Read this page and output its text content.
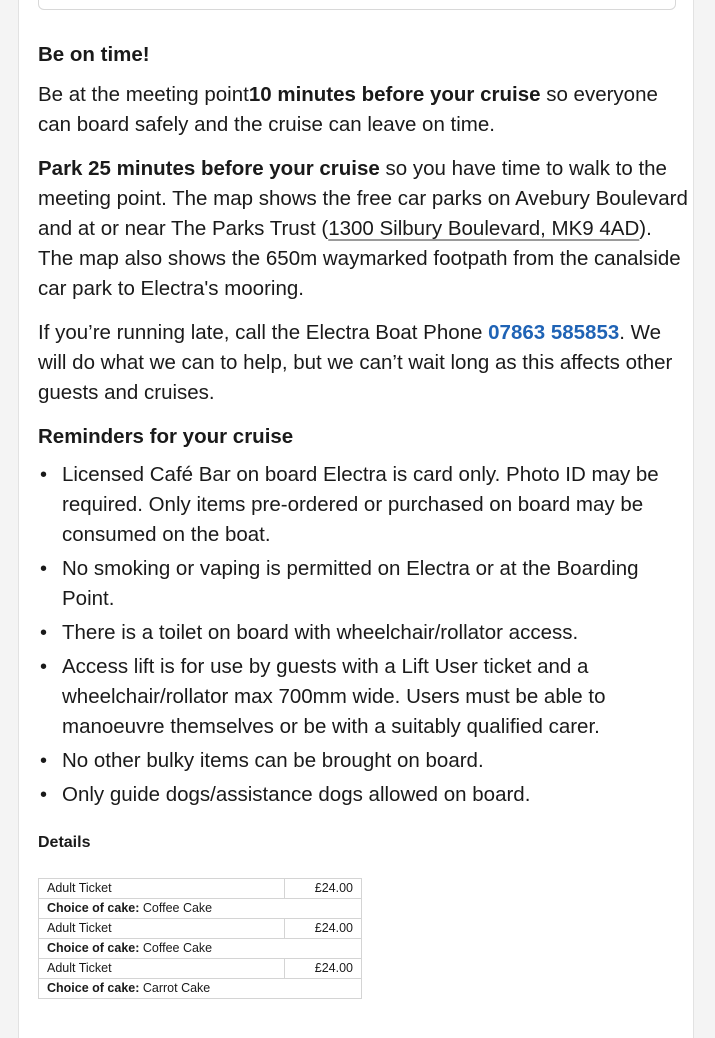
Be on time!

Be at the meeting point10 minutes before your cruise so everyone can board safely and the cruise can leave on time.

Park 25 minutes before your cruise so you have time to walk to the meeting point. The map shows the free car parks on Avebury Boulevard and at or near The Parks Trust (1300 Silbury Boulevard, MK9 4AD). The map also shows the 650m waymarked footpath from the canalside car park to Electra's mooring.

If you’re running late, call the Electra Boat Phone 07863 585853. We will do what we can to help, but we can’t wait long as this affects other guests and cruises.

Reminders for your cruise
• Licensed Café Bar on board Electra is card only. Photo ID may be required. Only items pre-ordered or purchased on board may be consumed on the boat.
• No smoking or vaping is permitted on Electra or at the Boarding Point.
• There is a toilet on board with wheelchair/rollator access.
• Access lift is for use by guests with a Lift User ticket and a wheelchair/rollator max 700mm wide. Users must be able to manoeuvre themselves or be with a suitably qualified carer.
• No other bulky items can be brought on board.
• Only guide dogs/assistance dogs allowed on board.
Details
Adult Ticket	£24.00
Choice of cake: Coffee Cake	
Adult Ticket	£24.00
Choice of cake: Coffee Cake	
Adult Ticket	£24.00
Choice of cake: Carrot Cake	
